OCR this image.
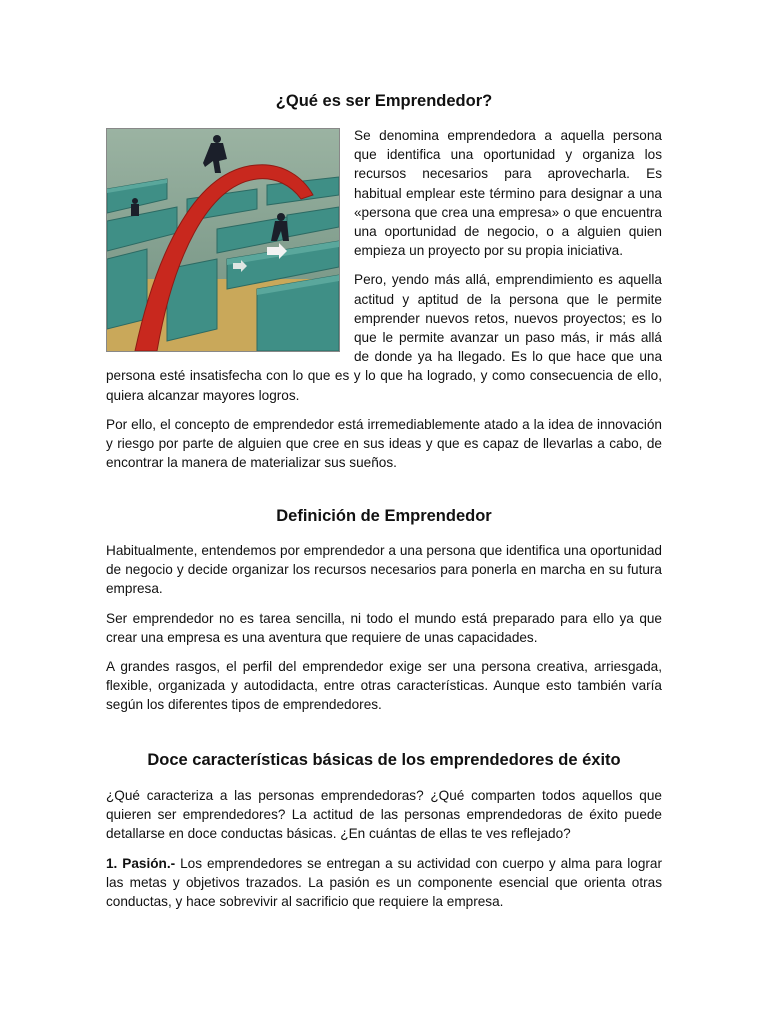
¿Qué es ser Emprendedor?

Se denomina emprendedora a aquella persona que identifica una oportunidad y organiza los recursos necesarios para aprovecharla. Es habitual emplear este término para designar a una «persona que crea una empresa» o que encuentra una oportunidad de negocio, o a alguien quien empieza un proyecto por su propia iniciativa.

Pero, yendo más allá, emprendimiento es aquella actitud y aptitud de la persona que le permite emprender nuevos retos, nuevos proyectos; es lo que le permite avanzar un paso más, ir más allá de donde ya ha llegado. Es lo que hace que una persona esté insatisfecha con lo que es y lo que ha logrado, y como consecuencia de ello, quiera alcanzar mayores logros.

Por ello, el concepto de emprendedor está irremediablemente atado a la idea de innovación y riesgo por parte de alguien que cree en sus ideas y que es capaz de llevarlas a cabo, de encontrar la manera de materializar sus sueños.

Definición de Emprendedor

Habitualmente, entendemos por emprendedor a una persona que identifica una oportunidad de negocio y decide organizar los recursos necesarios para ponerla en marcha en su futura empresa.

Ser emprendedor no es tarea sencilla, ni todo el mundo está preparado para ello ya que crear una empresa es una aventura que requiere de unas capacidades.

A grandes rasgos, el perfil del emprendedor exige ser una persona creativa, arriesgada, flexible, organizada y autodidacta, entre otras características. Aunque esto también varía según los diferentes tipos de emprendedores.

Doce características básicas de los emprendedores de éxito

¿Qué caracteriza a las personas emprendedoras? ¿Qué comparten todos aquellos que quieren ser emprendedores? La actitud de las personas emprendedoras de éxito puede detallarse en doce conductas básicas. ¿En cuántas de ellas te ves reflejado?

1. Pasión.- Los emprendedores se entregan a su actividad con cuerpo y alma para lograr las metas y objetivos trazados. La pasión es un componente esencial que orienta otras conductas, y hace sobrevivir al sacrificio que requiere la empresa.
